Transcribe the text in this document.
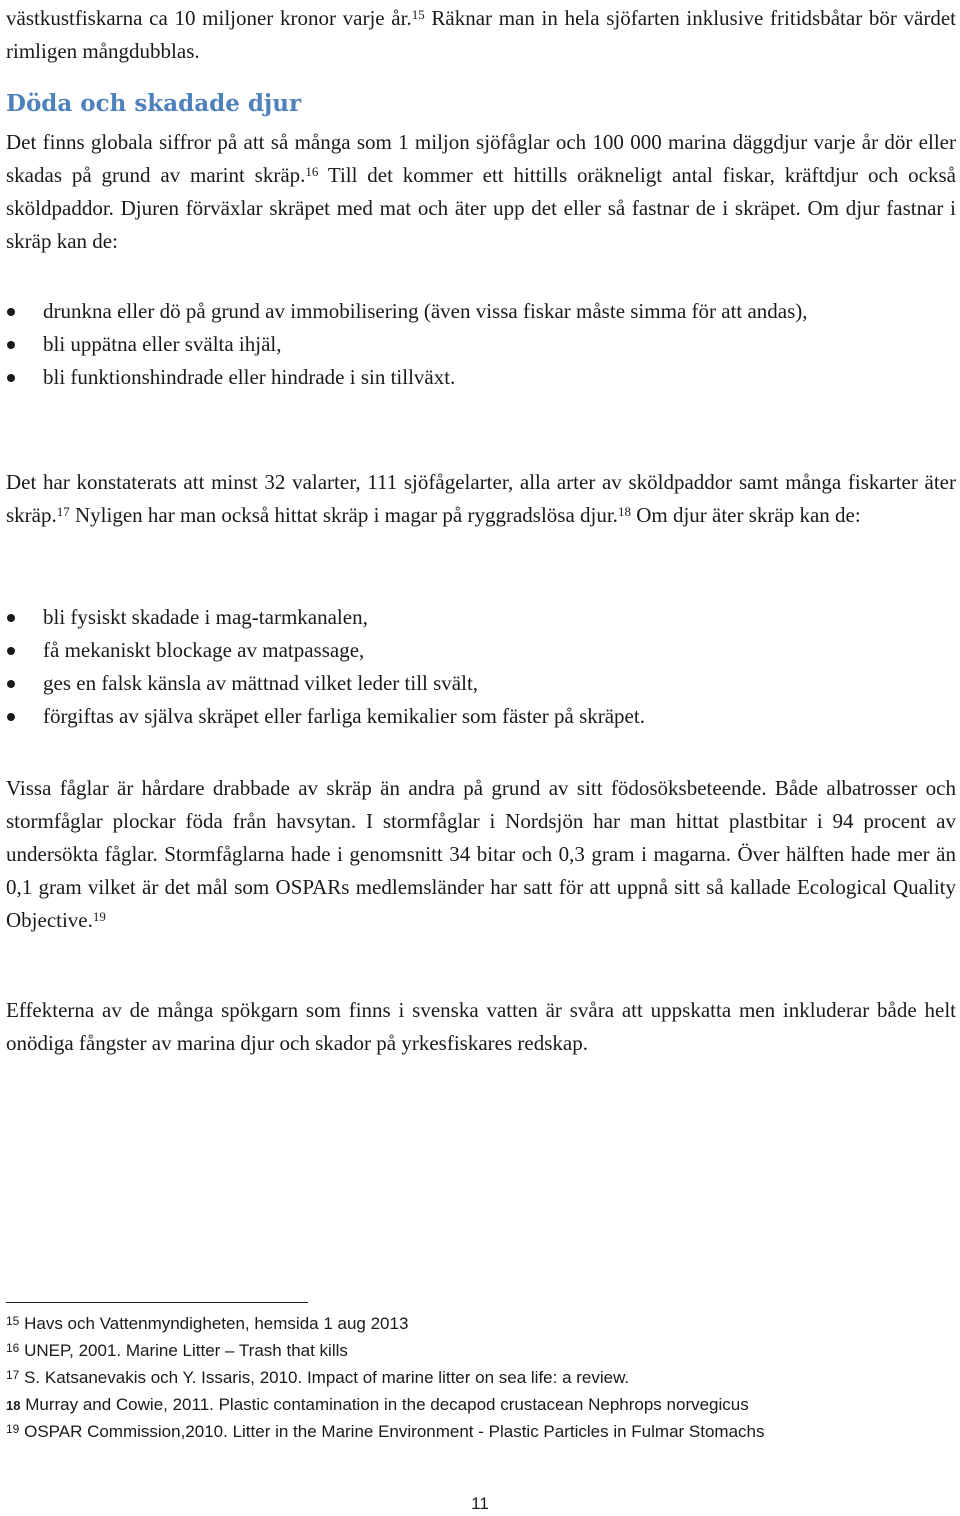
västkustfiskarna ca 10 miljoner kronor varje år.$^{15}$ Räknar man in hela sjöfarten inklusive fritidsbåtar bör värdet rimligen mångdubblas.

Döda och skadade djur

Det finns globala siffror på att så många som 1 miljon sjöfåglar och 100 000 marina däggdjur varje år dör eller skadas på grund av marint skräp.$^{16}$ Till det kommer ett hittills oräkneligt antal fiskar, kräftdjur och också sköldpaddor. Djuren förväxlar skräpet med mat och äter upp det eller så fastnar de i skräpet. Om djur fastnar i skräp kan de:

drunkna eller dö på grund av immobilisering (även vissa fiskar måste simma för att andas),
bli uppätna eller svälta ihjäl,
bli funktionshindrade eller hindrade i sin tillväxt.

Det har konstaterats att minst 32 valarter, 111 sjöfågelarter, alla arter av sköldpaddor samt många fiskarter äter skräp.$^{17}$ Nyligen har man också hittat skräp i magar på ryggradslösa djur.$^{18}$ Om djur äter skräp kan de:

bli fysiskt skadade i mag-tarmkanalen,
få mekaniskt blockage av matpassage,
ges en falsk känsla av mättnad vilket leder till svält,
förgiftas av själva skräpet eller farliga kemikalier som fäster på skräpet.

Vissa fåglar är hårdare drabbade av skräp än andra på grund av sitt födosöksbeteende. Både albatrosser och stormfåglar plockar föda från havsytan. I stormfåglar i Nordsjön har man hittat plastbitar i 94 procent av undersökta fåglar. Stormfåglarna hade i genomsnitt 34 bitar och 0,3 gram i magarna. Över hälften hade mer än 0,1 gram vilket är det mål som OSPARs medlemsländer har satt för att uppnå sitt så kallade Ecological Quality Objective.$^{19}$

Effekterna av de många spökgarn som finns i svenska vatten är svåra att uppskatta men inkluderar både helt onödiga fångster av marina djur och skador på yrkesfiskares redskap.

$^{15}$ Havs och Vattenmyndigheten, hemsida 1 aug 2013
$^{16}$ UNEP, 2001. Marine Litter – Trash that kills
$^{17}$ S. Katsanevakis och Y. Issaris, 2010. Impact of marine litter on sea life: a review.
18 Murray and Cowie, 2011. Plastic contamination in the decapod crustacean Nephrops norvegicus
$^{19}$ OSPAR Commission,2010. Litter in the Marine Environment - Plastic Particles in Fulmar Stomachs
11
